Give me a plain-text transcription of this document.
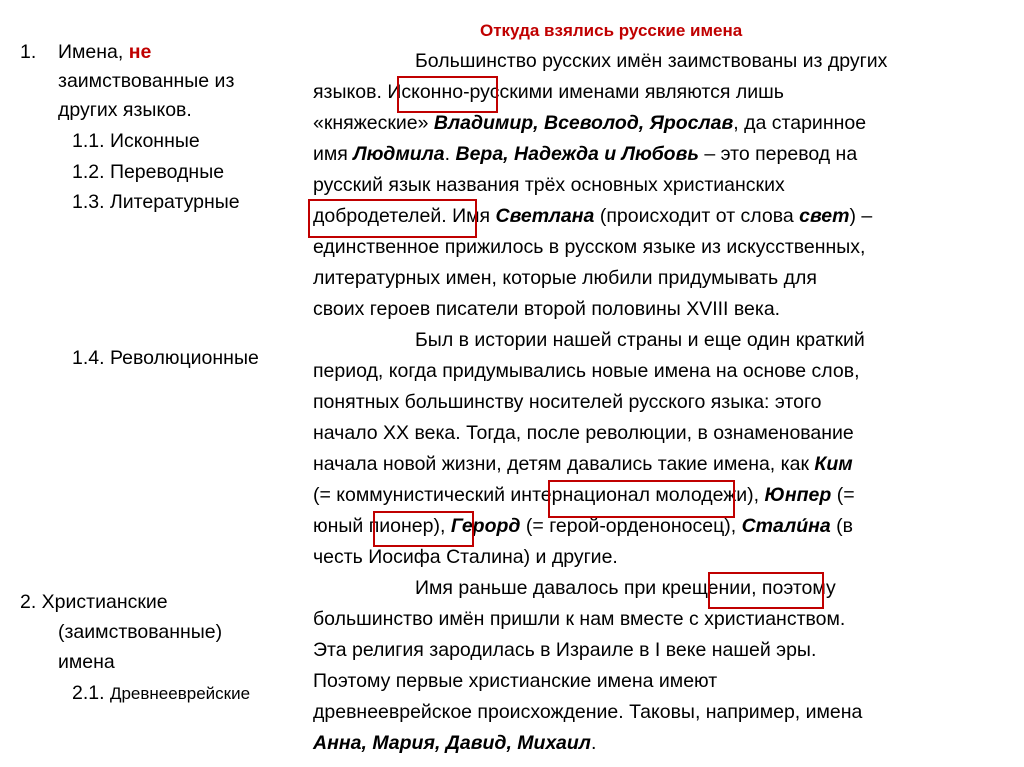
1. Имена, не
заимствованные из
других языков.
1.1. Исконные
1.2. Переводные
1.3. Литературные
1.4. Революционные
2. Христианские
(заимствованные)
имена
2.1. Древнееврейские
Откуда взялись русские имена
Большинство русских имён заимствованы из других
языков. Исконно-русскими именами являются лишь
«княжеские» Владимир, Всеволод, Ярослав, да старинное
имя Людмила. Вера, Надежда и Любовь – это перевод на
русский язык названия трёх основных христианских
добродетелей. Имя Светлана (происходит от слова свет) –
единственное прижилось в русском языке из искусственных,
литературных имен, которые любили придумывать для
своих героев писатели второй половины XVIII века.
Был в истории нашей страны и еще один краткий
период, когда придумывались новые имена на основе слов,
понятных большинству носителей русского языка: этого
начало XX века. Тогда, после революции, в ознаменование
начала новой жизни, детям давались такие имена, как Ким
(= коммунистический интернационал молодежи), Юнпер (=
юный пионер), Герорд (= герой-орденоносец), Стали́на (в
честь Иосифа Сталина) и другие.
Имя раньше давалось при крещении, поэтому
большинство имён пришли к нам вместе с христианством.
Эта религия зародилась в Израиле в I веке нашей эры.
Поэтому первые христианские имена имеют
древнееврейское происхождение. Таковы, например, имена
Анна, Мария, Давид, Михаил.
